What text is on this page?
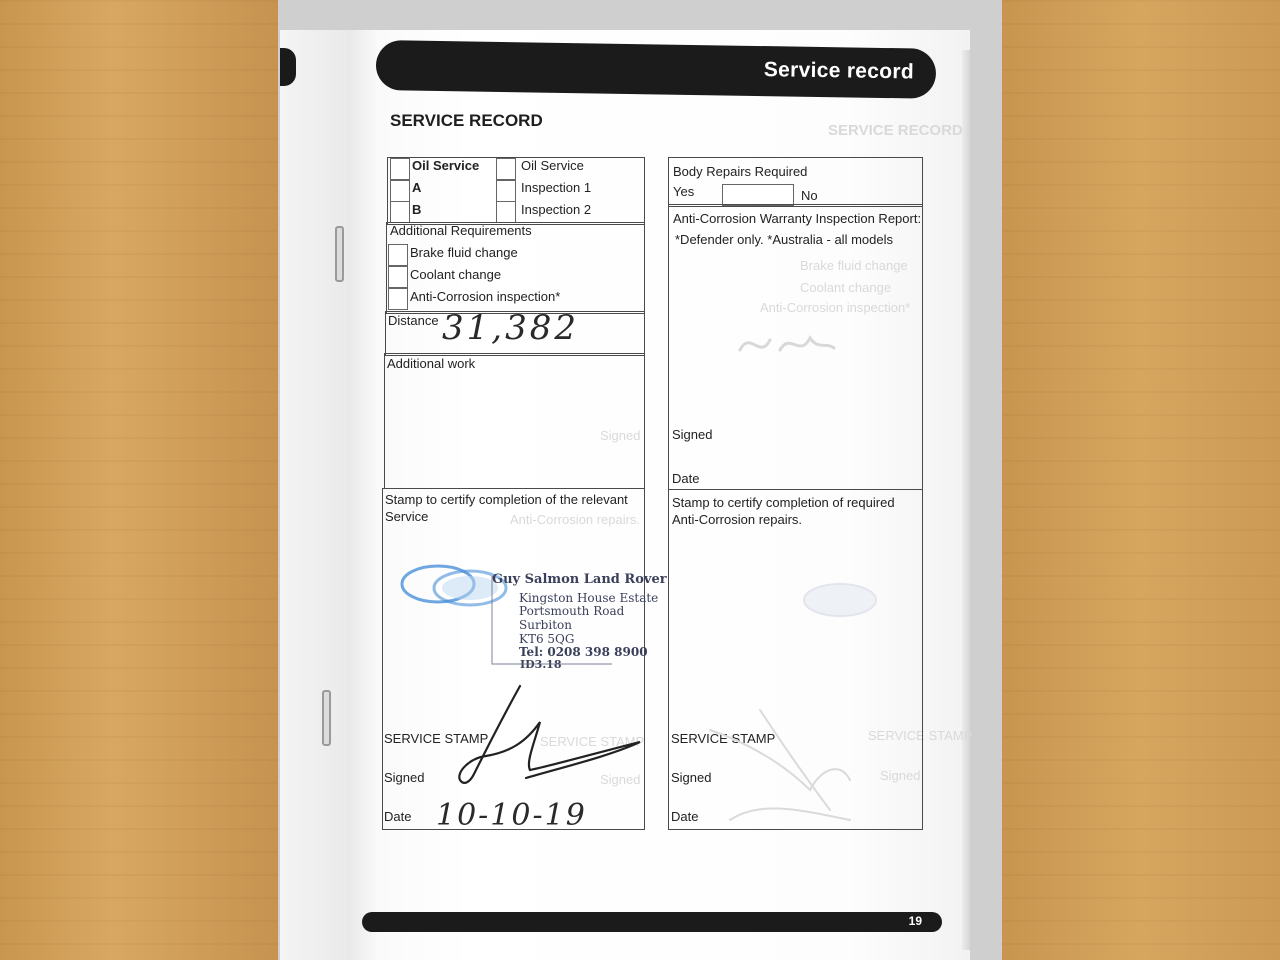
Service record
SERVICE RECORD
SERVICE RECORD
Brake fluid change
Coolant change
Anti-Corrosion inspection*
Signed
Anti-Corrosion repairs.
SERVICE STAMP
Signed
SERVICE STAMP
Signed
Oil Service
A
B
Oil Service
Inspection 1
Inspection 2
Additional Requirements
Brake fluid change
Coolant change
Anti-Corrosion inspection*
Distance 31,382
Additional work
Stamp to certify completion of the relevant Service
Guy Salmon Land Rover
Kingston House Estate
Portsmouth Road
Surbiton
KT6 5QG
Tel: 0208 398 8900
ID3.18
SERVICE STAMP
Signed
Date 10-10-19
Body Repairs Required
Yes	No
Anti-Corrosion Warranty Inspection Report:
*Defender only. *Australia - all models
Signed
Date
Stamp to certify completion of required Anti-Corrosion repairs.
SERVICE STAMP
Signed
Date
19
